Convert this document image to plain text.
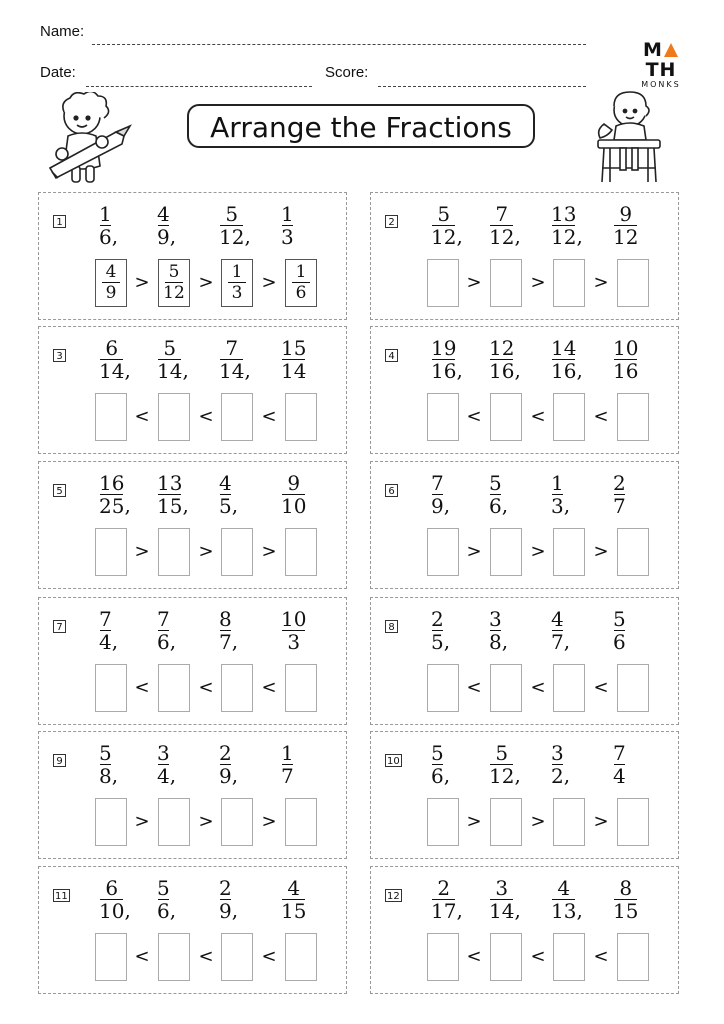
Name:
Date:	Score:
MTH
MONKS
Arrange the Fractions
$1 \frac{1}{6}$ , $\frac{4}{9}$ , $\frac{5}{12}$ , $\frac{1}{3}$
4
9	>	5
12 >	1
3	>	1
6
$2 \frac{5}{12}$ , $\frac{7}{12}$ , $\frac{13}{12}$ , $\frac{9}{12}$
>	>	>
$3 \frac{6}{14}$ , $\frac{5}{14}$ , $\frac{7}{14}$ , $\frac{15}{14}$
<	<	<
$4 \frac{19}{16}$ , $\frac{12}{16}$ , $\frac{14}{16}$ , $\frac{10}{16}$
<	<	<
$5 \frac{16}{25}$ , $\frac{13}{15}$ , $\frac{4}{5}$ , $\frac{9}{10}$
>	>	>
$6 \frac{7}{9}$ , $\frac{5}{6}$ , $\frac{1}{3}$ , $\frac{2}{7}$
>	>	>
$7 \frac{7}{4}$ , $\frac{7}{6}$ , $\frac{8}{7}$ , $\frac{10}{3}$
<	<	<
$8 \frac{2}{5}$ , $\frac{3}{8}$ , $\frac{4}{7}$ , $\frac{5}{6}$
<	<	<
$9 \frac{5}{8}$ , $\frac{3}{4}$ , $\frac{2}{9}$ , $\frac{1}{7}$
>	>	>
$10 \frac{5}{6}$ , $\frac{5}{12}$ , $\frac{3}{2}$ , $\frac{7}{4}$
>	>	>
$11 \frac{6}{10}$ , $\frac{5}{6}$ , $\frac{2}{9}$ , $\frac{4}{15}$
<	<	<
$12 \frac{2}{17}$ , $\frac{3}{14}$ , $\frac{4}{13}$ , $\frac{8}{15}$
<	<	<
